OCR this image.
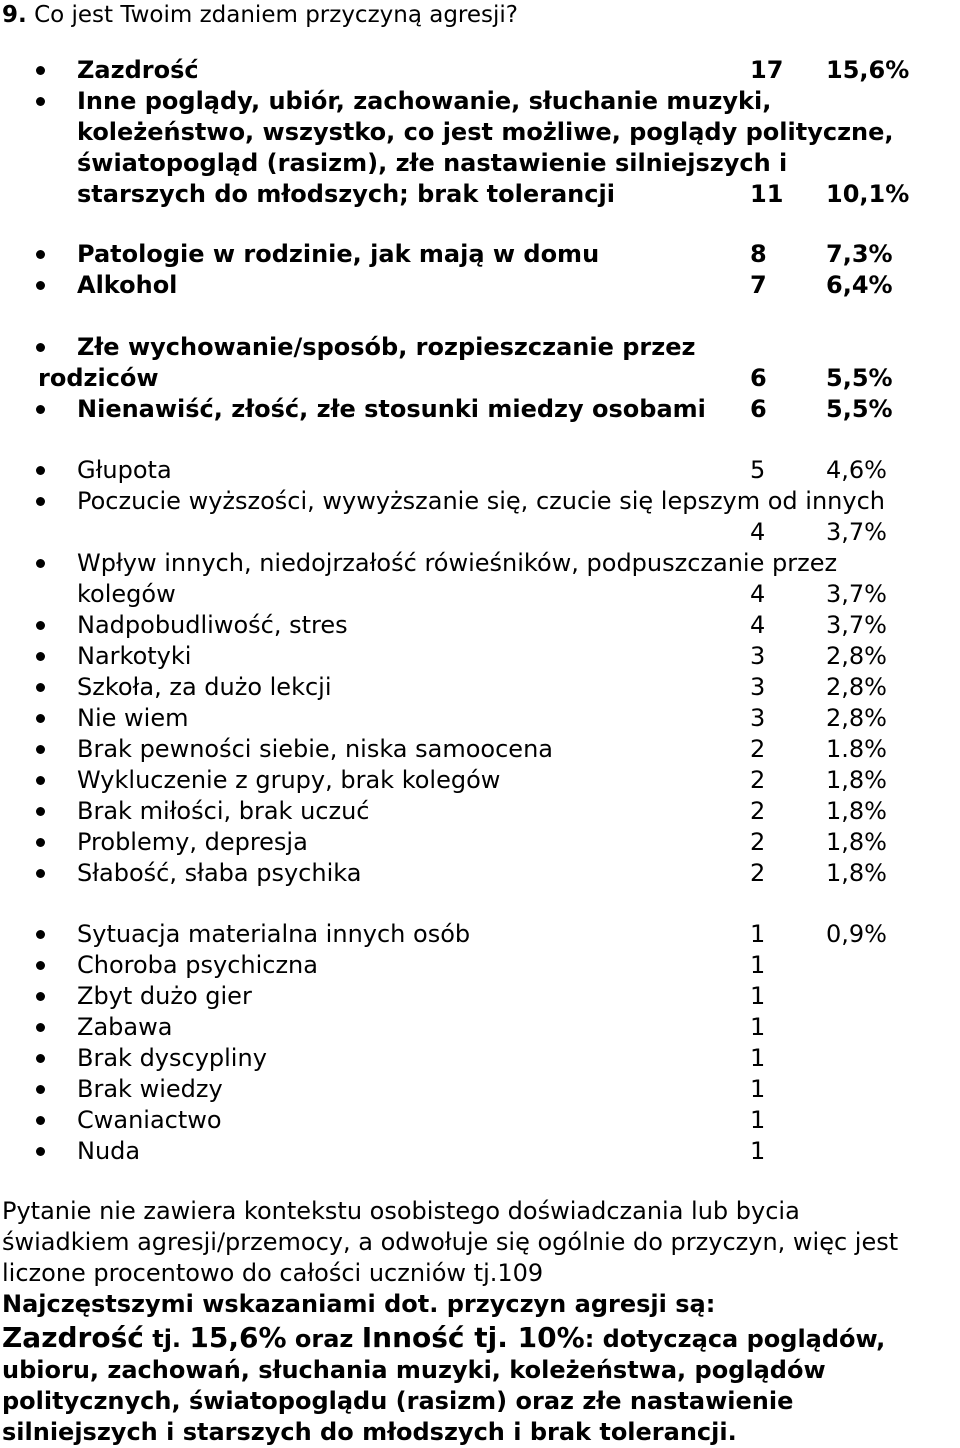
9. Co jest Twoim zdaniem przyczyną agresji?
Zazdrość	17 15,6%
Inne poglądy, ubiór, zachowanie, słuchanie muzyki,
koleżeństwo, wszystko, co jest możliwe, poglądy polityczne,
światopogląd (rasizm), złe nastawienie silniejszych i
starszych do młodszych; brak tolerancji	11 10,1%
Patologie w rodzinie, jak mają w domu	8 7,3%
Alkohol	7 6,4%
Złe wychowanie/sposób, rozpieszczanie przez
rodziców	6 5,5%
Nienawiść, złość, złe stosunki miedzy osobami 6 5,5%
Głupota	5	4,6%
Poczucie wyższości, wywyższanie się, czucie się lepszym od innych
4	3,7%
Wpływ innych, niedojrzałość rówieśników, podpuszczanie przez
kolegów	4	3,7%
Nadpobudliwość, stres	4	3,7%
Narkotyki	3	2,8%
Szkoła, za dużo lekcji	3	2,8%
Nie wiem	3	2,8%
Brak pewności siebie, niska samoocena	2	1.8%
Wykluczenie z grupy, brak kolegów	2	1,8%
Brak miłości, brak uczuć	2	1,8%
Problemy, depresja	2	1,8%
Słabość, słaba psychika	2	1,8%
Sytuacja materialna innych osób	1	0,9%
Choroba psychiczna	1
Zbyt dużo gier	1
Zabawa	1
Brak dyscypliny	1
Brak wiedzy	1
Cwaniactwo	1
Nuda	1
Pytanie nie zawiera kontekstu osobistego doświadczania lub bycia
świadkiem agresji/przemocy, a odwołuje się ogólnie do przyczyn, więc jest
liczone procentowo do całości uczniów tj.109
Najczęstszymi wskazaniami dot. przyczyn agresji są:
Zazdrość tj. 15,6% oraz Inność tj. 10%: dotycząca poglądów,
ubioru, zachowań, słuchania muzyki, koleżeństwa, poglądów
politycznych, światopoglądu (rasizm) oraz złe nastawienie
silniejszych i starszych do młodszych i brak tolerancji.
